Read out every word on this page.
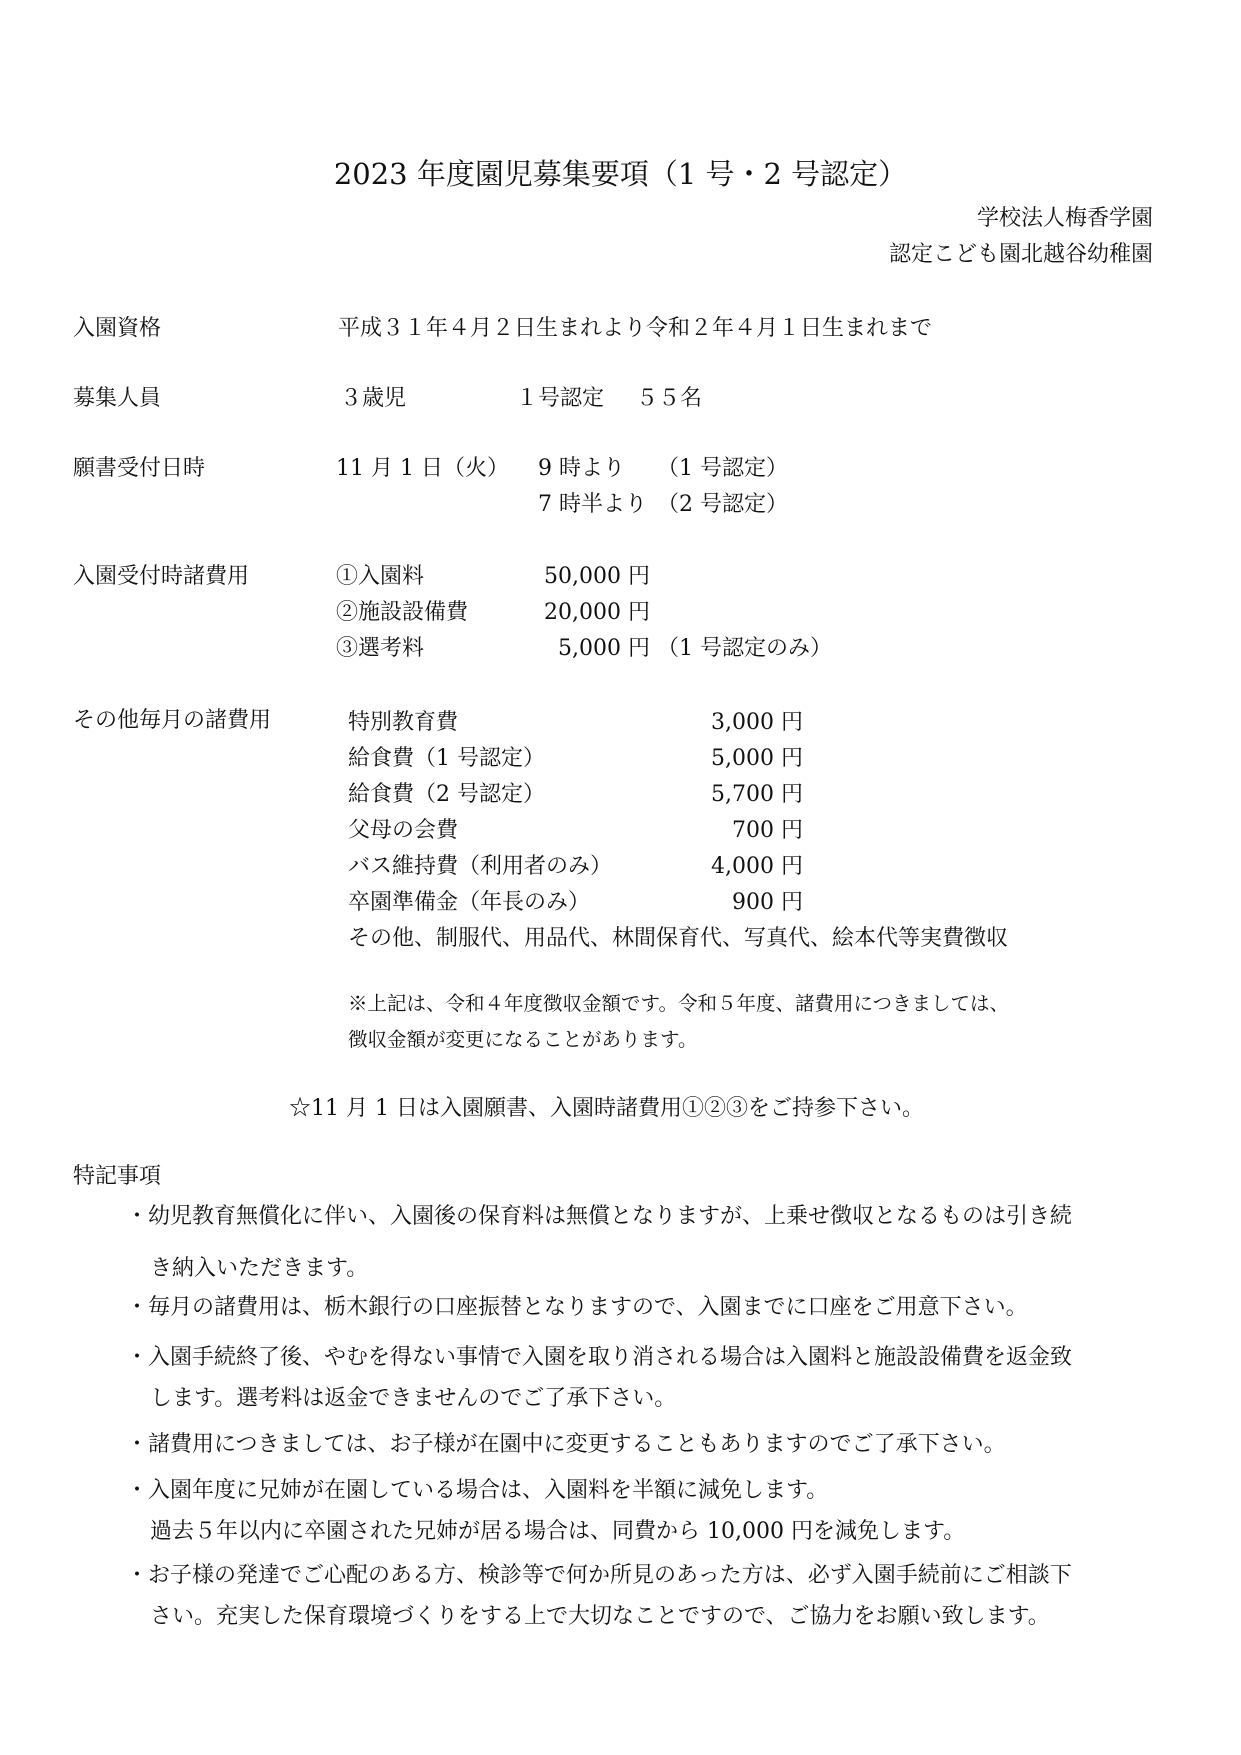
2023 年度園児募集要項（1 号・2 号認定）
学校法人梅香学園
認定こども園北越谷幼稚園
入園資格	平成３１年４月２日生まれより令和２年４月１日生まれまで
募集人員	３歳児	１号認定 ５５名
願書受付日時	11 月 1 日（火） 9 時より （1 号認定）
7 時半より （2 号認定）
入園受付時諸費用	①入園料	50,000 円
②施設設備費	20,000 円
③選考料	5,000 円 （1 号認定のみ）
その他毎月の諸費用	特別教育費	3,000 円
給食費（1 号認定）	5,000 円
給食費（2 号認定）	5,700 円
父母の会費	700 円
バス維持費（利用者のみ）	4,000 円
卒園準備金（年長のみ）	900 円
その他、制服代、用品代、林間保育代、写真代、絵本代等実費徴収
※上記は、令和４年度徴収金額です。令和５年度、諸費用につきましては、
徴収金額が変更になることがあります。
☆11 月 1 日は入園願書、入園時諸費用①②③をご持参下さい。
特記事項
・幼児教育無償化に伴い、入園後の保育料は無償となりますが、上乗せ徴収となるものは引き続
き納入いただきます。
・毎月の諸費用は、栃木銀行の口座振替となりますので、入園までに口座をご用意下さい。
・入園手続終了後、やむを得ない事情で入園を取り消される場合は入園料と施設設備費を返金致
します。選考料は返金できませんのでご了承下さい。
・諸費用につきましては、お子様が在園中に変更することもありますのでご了承下さい。
・入園年度に兄姉が在園している場合は、入園料を半額に減免します。
過去５年以内に卒園された兄姉が居る場合は、同費から 10,000 円を減免します。
・お子様の発達でご心配のある方、検診等で何か所見のあった方は、必ず入園手続前にご相談下
さい。充実した保育環境づくりをする上で大切なことですので、ご協力をお願い致します。
